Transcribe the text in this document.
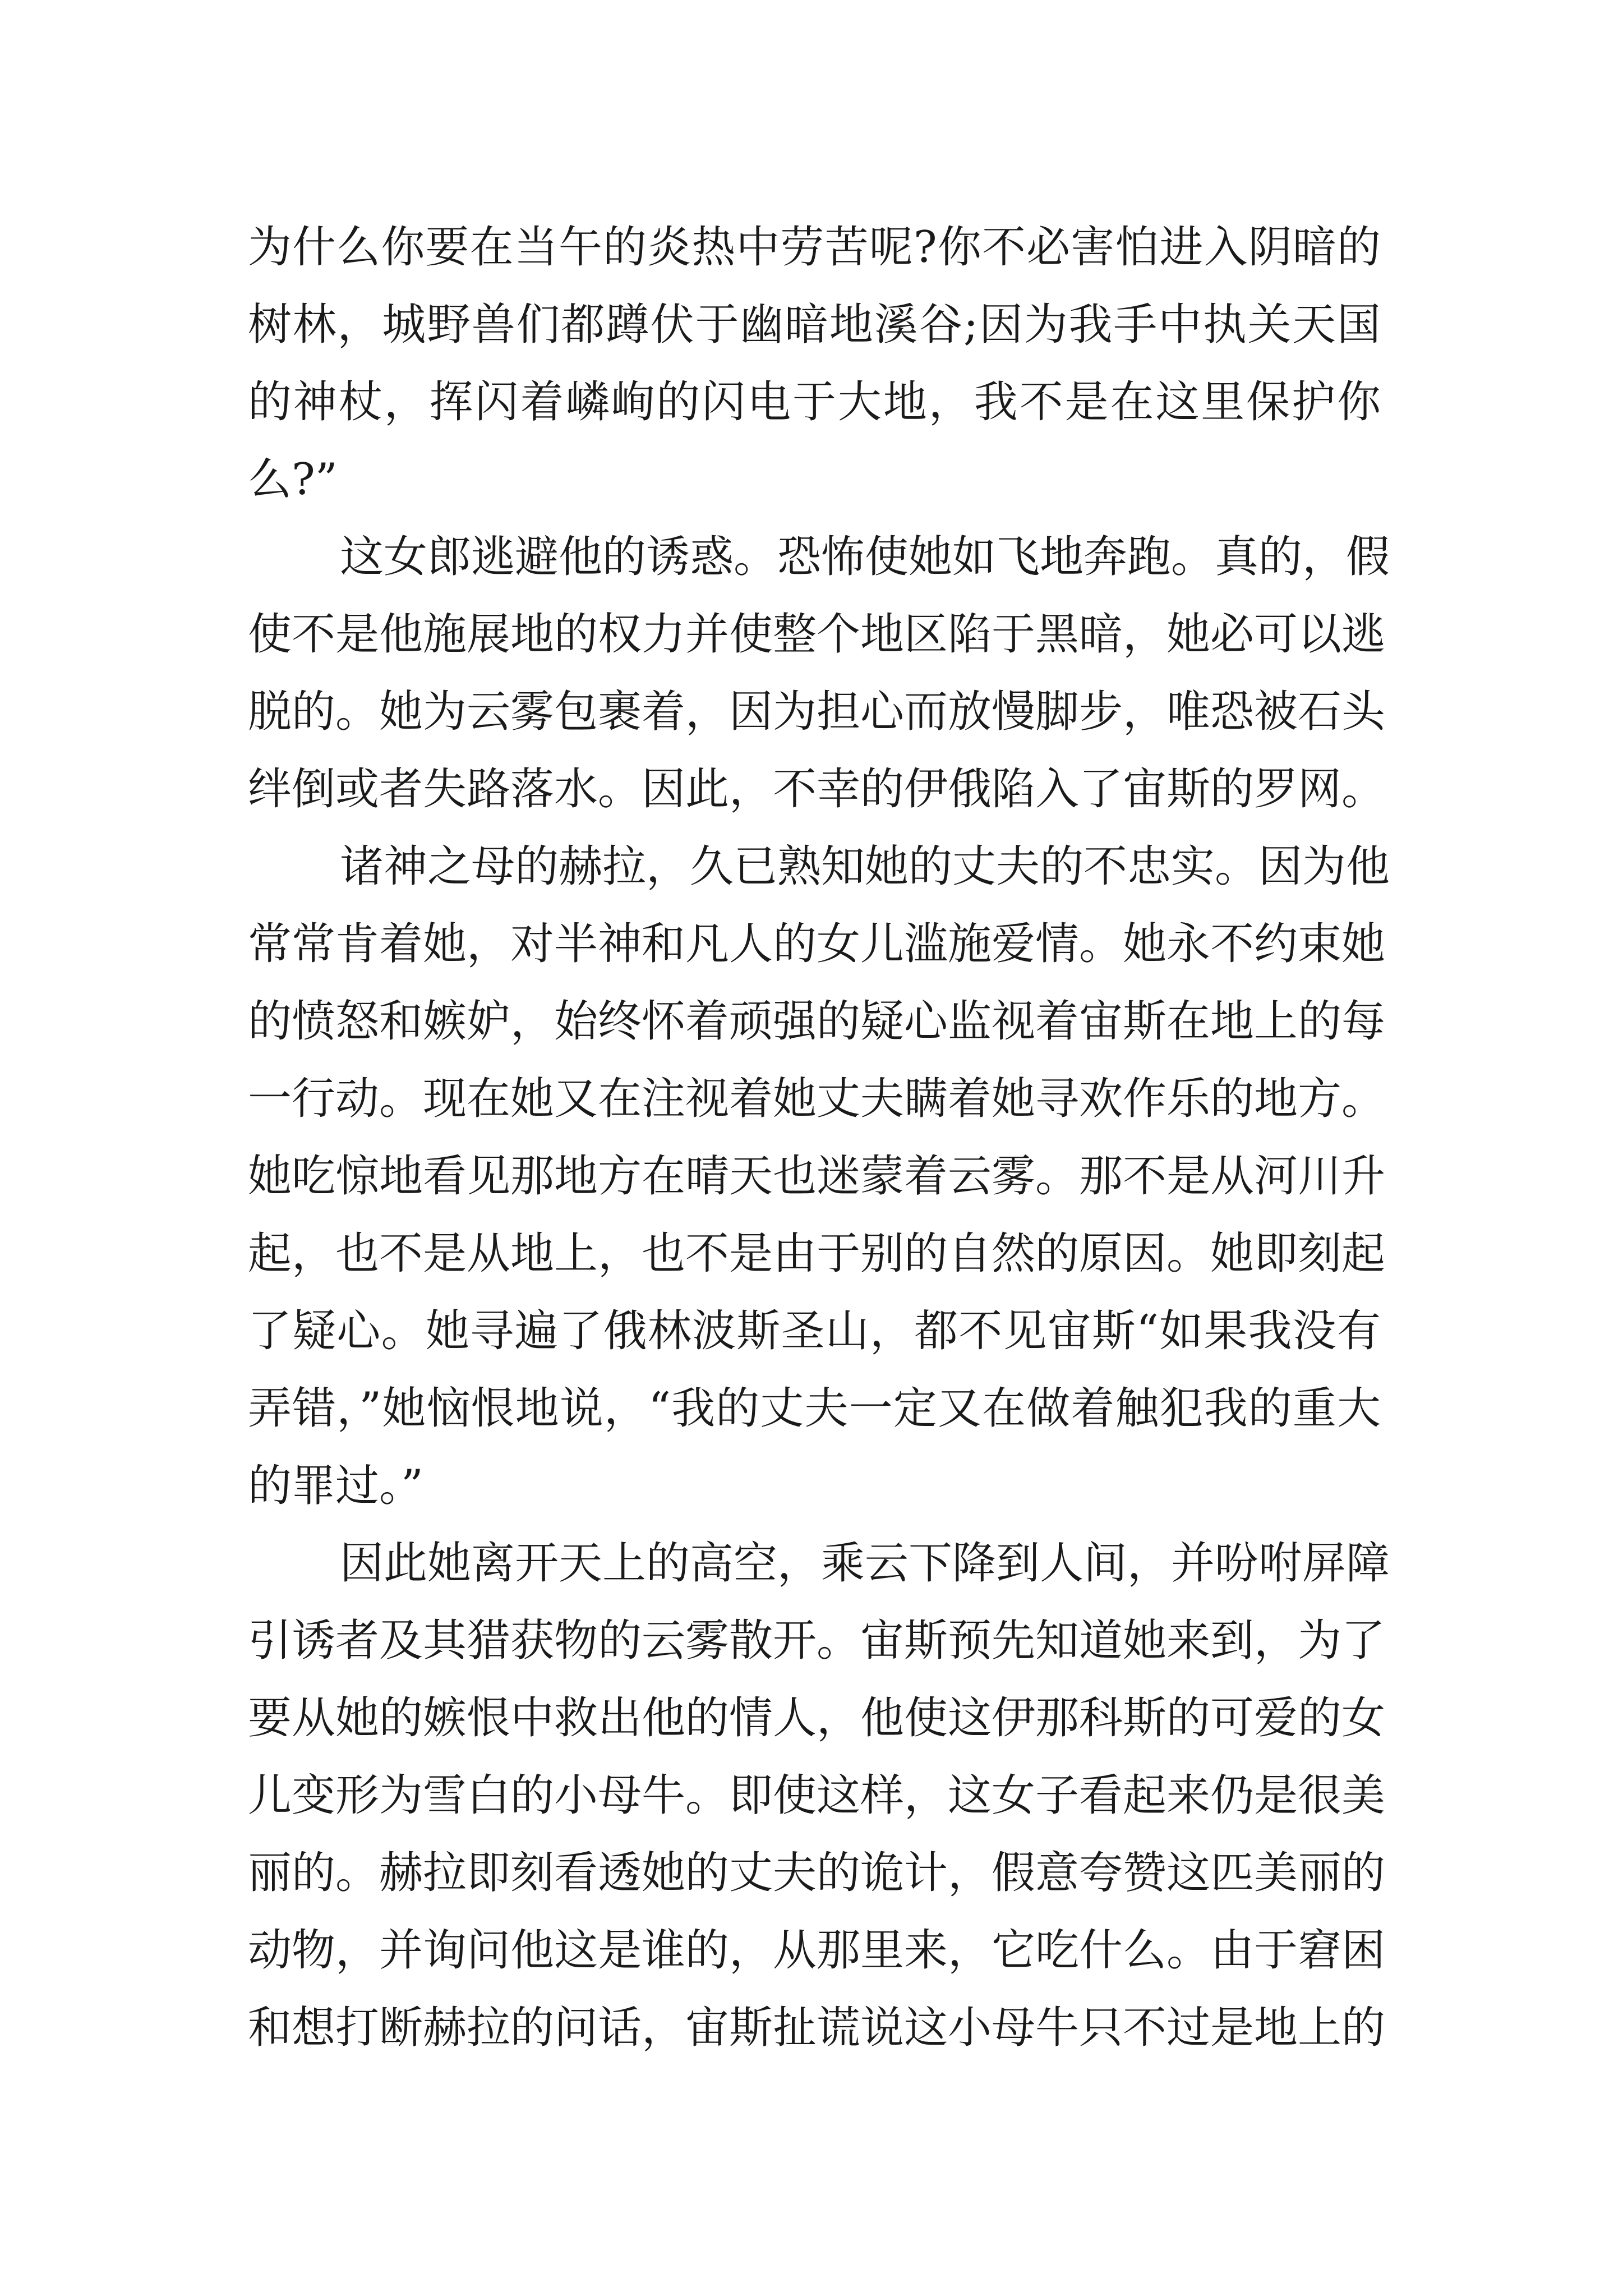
为什么你要在当午的炎热中劳苦呢?你不必害怕进入阴暗的
树林，城野兽们都蹲伏于幽暗地溪谷;因为我手中执关天国
的神杖，挥闪着嶙峋的闪电于大地，我不是在这里保护你
么?”
这女郎逃避他的诱惑。恐怖使她如飞地奔跑。真的，假
使不是他施展地的权力并使整个地区陷于黑暗，她必可以逃
脱的。她为云雾包裹着，因为担心而放慢脚步，唯恐被石头
绊倒或者失路落水。因此，不幸的伊俄陷入了宙斯的罗网。
诸神之母的赫拉，久已熟知她的丈夫的不忠实。因为他
常常肯着她，对半神和凡人的女儿滥施爱情。她永不约束她
的愤怒和嫉妒，始终怀着顽强的疑心监视着宙斯在地上的每
一行动。现在她又在注视着她丈夫瞒着她寻欢作乐的地方。
她吃惊地看见那地方在晴天也迷蒙着云雾。那不是从河川升
起，也不是从地上，也不是由于别的自然的原因。她即刻起
了疑心。她寻遍了俄林波斯圣山，都不见宙斯“如果我没有
弄错，”她恼恨地说，“我的丈夫一定又在做着触犯我的重大
的罪过。”
因此她离开天上的高空，乘云下降到人间，并吩咐屏障
引诱者及其猎获物的云雾散开。宙斯预先知道她来到，为了
要从她的嫉恨中救出他的情人，他使这伊那科斯的可爱的女
儿变形为雪白的小母牛。即使这样，这女子看起来仍是很美
丽的。赫拉即刻看透她的丈夫的诡计，假意夸赞这匹美丽的
动物，并询问他这是谁的，从那里来，它吃什么。由于窘困
和想打断赫拉的问话，宙斯扯谎说这小母牛只不过是地上的
